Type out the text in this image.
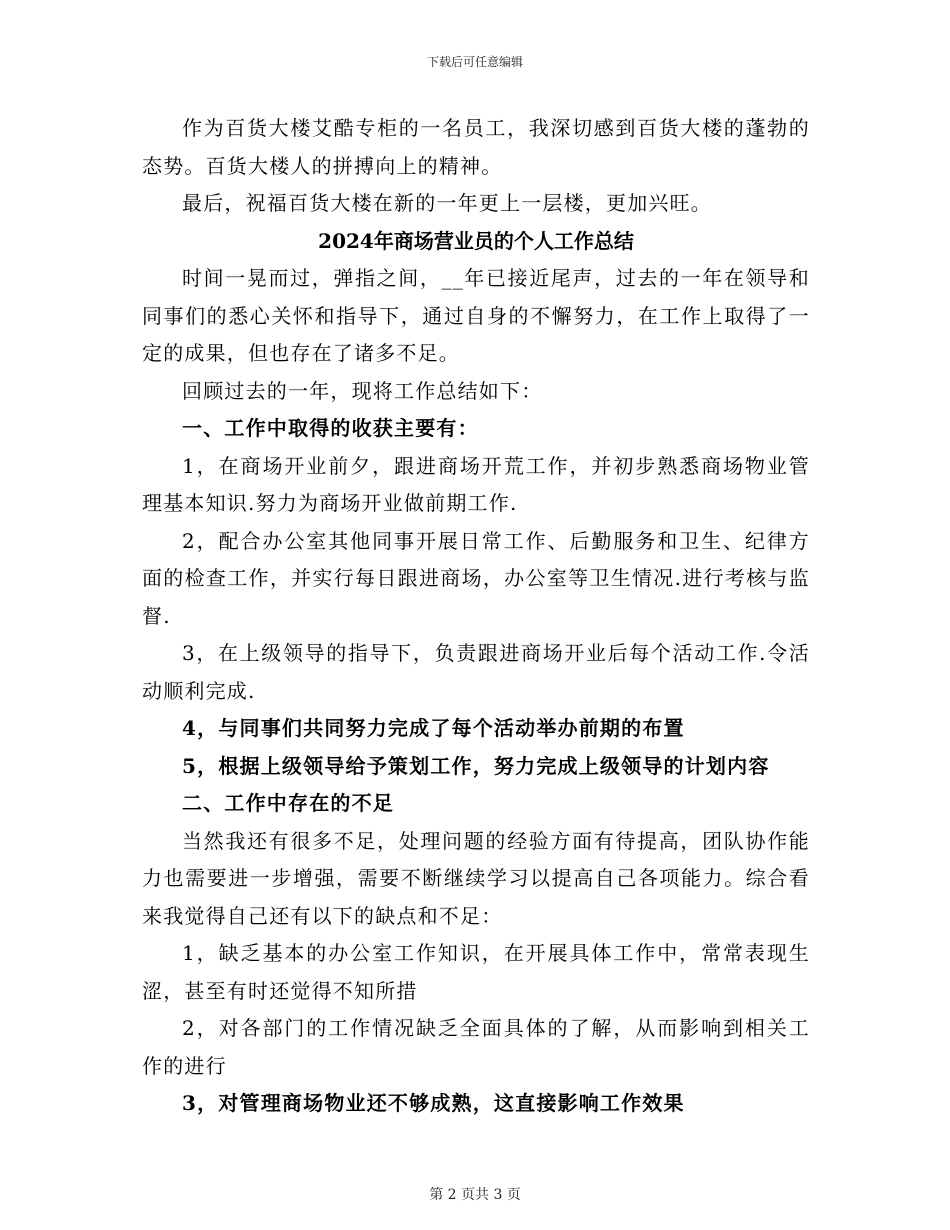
下载后可任意编辑

作为百货大楼艾酷专柜的一名员工，我深切感到百货大楼的蓬勃的态势。百货大楼人的拼搏向上的精神。

最后，祝福百货大楼在新的一年更上一层楼，更加兴旺。

2024年商场营业员的个人工作总结

时间一晃而过，弹指之间，__年已接近尾声，过去的一年在领导和同事们的悉心关怀和指导下，通过自身的不懈努力，在工作上取得了一定的成果，但也存在了诸多不足。

回顾过去的一年，现将工作总结如下：

一、工作中取得的收获主要有：

1，在商场开业前夕，跟进商场开荒工作，并初步熟悉商场物业管理基本知识.努力为商场开业做前期工作.

2，配合办公室其他同事开展日常工作、后勤服务和卫生、纪律方面的检查工作，并实行每日跟进商场，办公室等卫生情况.进行考核与监督.

3，在上级领导的指导下，负责跟进商场开业后每个活动工作.令活动顺利完成.

4，与同事们共同努力完成了每个活动举办前期的布置

5，根据上级领导给予策划工作，努力完成上级领导的计划内容

二、工作中存在的不足

当然我还有很多不足，处理问题的经验方面有待提高，团队协作能力也需要进一步增强，需要不断继续学习以提高自己各项能力。综合看来我觉得自己还有以下的缺点和不足：

1，缺乏基本的办公室工作知识，在开展具体工作中，常常表现生涩，甚至有时还觉得不知所措

2，对各部门的工作情况缺乏全面具体的了解，从而影响到相关工作的进行

3，对管理商场物业还不够成熟，这直接影响工作效果

第 2 页共 3 页
